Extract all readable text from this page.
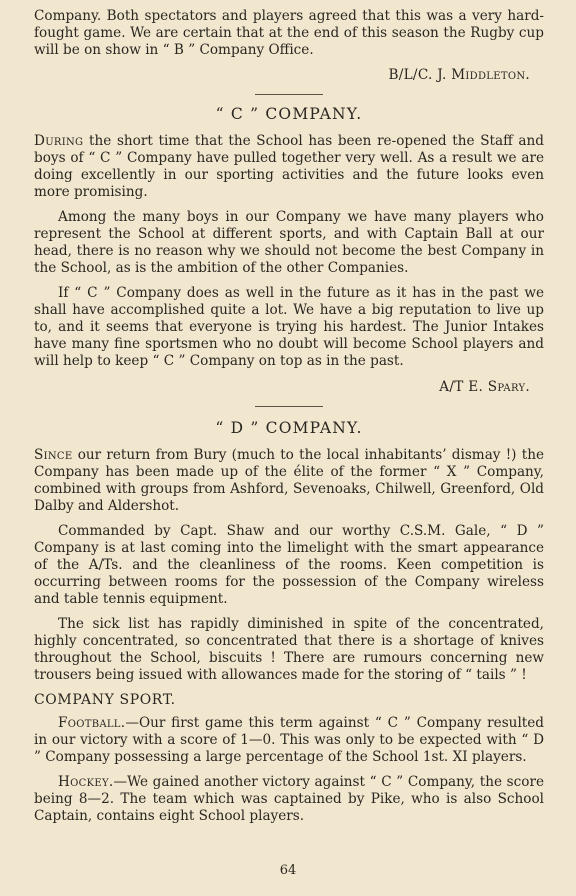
Company. Both spectators and players agreed that this was a very hard-fought game. We are certain that at the end of this season the Rugby cup will be on show in “ B ” Company Office.

B/L/C. J. Middleton.

“ C ” COMPANY.

During the short time that the School has been re-opened the Staff and boys of “ C ” Company have pulled together very well. As a result we are doing excellently in our sporting activities and the future looks even more promising.

Among the many boys in our Company we have many players who represent the School at different sports, and with Captain Ball at our head, there is no reason why we should not become the best Company in the School, as is the ambition of the other Companies.

If “ C ” Company does as well in the future as it has in the past we shall have accomplished quite a lot. We have a big reputation to live up to, and it seems that everyone is trying his hardest. The Junior Intakes have many fine sportsmen who no doubt will become School players and will help to keep “ C ” Company on top as in the past.

A/T E. Spary.

“ D ” COMPANY.

Since our return from Bury (much to the local inhabitants’ dismay !) the Company has been made up of the élite of the former “ X ” Company, combined with groups from Ashford, Sevenoaks, Chilwell, Greenford, Old Dalby and Aldershot.

Commanded by Capt. Shaw and our worthy C.S.M. Gale, “ D ” Company is at last coming into the limelight with the smart appearance of the A/Ts. and the cleanliness of the rooms. Keen competition is occurring between rooms for the possession of the Company wireless and table tennis equipment.

The sick list has rapidly diminished in spite of the concentrated, highly concentrated, so concentrated that there is a shortage of knives throughout the School, biscuits ! There are rumours concerning new trousers being issued with allowances made for the storing of “ tails ” !

COMPANY SPORT.

Football.—Our first game this term against “ C ” Company resulted in our victory with a score of 1—0. This was only to be expected with “ D ” Company possessing a large percentage of the School 1st. XI players.

Hockey.—We gained another victory against “ C ” Company, the score being 8—2. The team which was captained by Pike, who is also School Captain, contains eight School players.

64
